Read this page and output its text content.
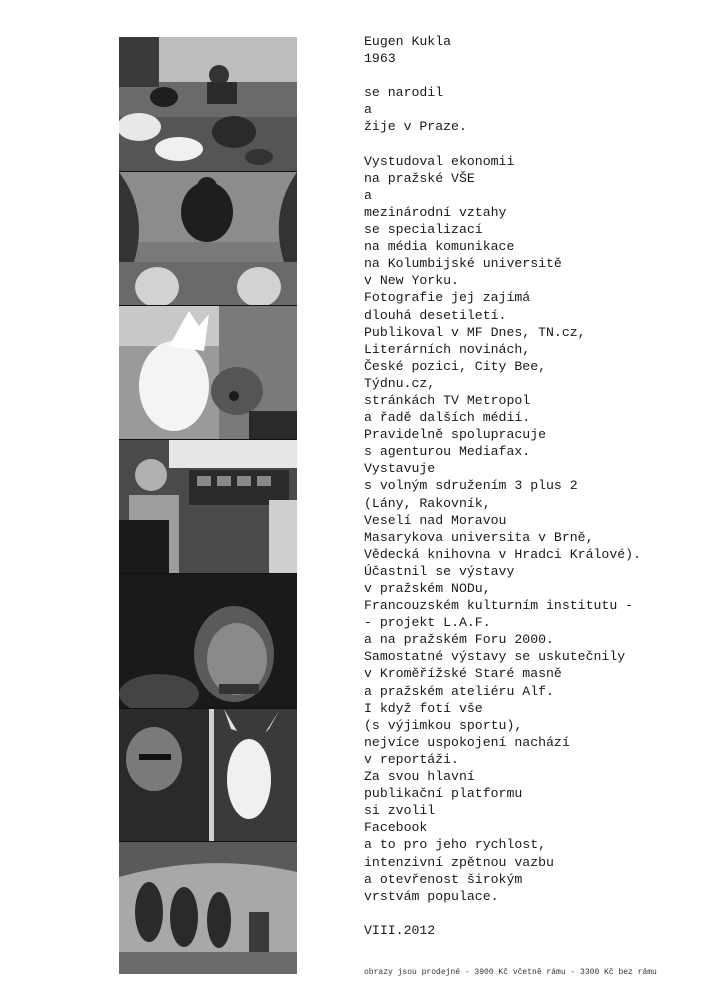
Eugen Kukla
1963
se narodil
a
žije v Praze.
Vystudoval ekonomii
na pražské VŠE
a
mezinárodní vztahy
se specializací
na média komunikace
na Kolumbijské universitě
v New Yorku.
Fotografie jej zajímá
dlouhá desetiletí.
Publikoval v MF Dnes, TN.cz,
Literárních novinách,
České pozici, City Bee,
Týdnu.cz,
stránkách TV Metropol
a řadě dalších médií.
Pravidelně spolupracuje
s agenturou Mediafax.
Vystavuje
s volným sdružením 3 plus 2
(Lány, Rakovník,
Veselí nad Moravou
Masarykova universita v Brně,
Vědecká knihovna v Hradci Králové).
Účastnil se výstavy
v pražském NODu,
Francouzském kulturním institutu -
- projekt L.A.F.
a na pražském Foru 2000.
Samostatné výstavy se uskutečnily
v Kroměřížské Staré masně
a pražském ateliéru Alf.
I když fotí vše
(s výjimkou sportu),
nejvíce uspokojení nachází
v reportáži.
Za svou hlavní
publikační platformu
si zvolil
Facebook
a to pro jeho rychlost,
intenzivní zpětnou vazbu
a otevřenost širokým
vrstvám populace.
VIII.2012
obrazy jsou prodejné - 3900 Kč včetně rámu - 3300 Kč bez rámu
